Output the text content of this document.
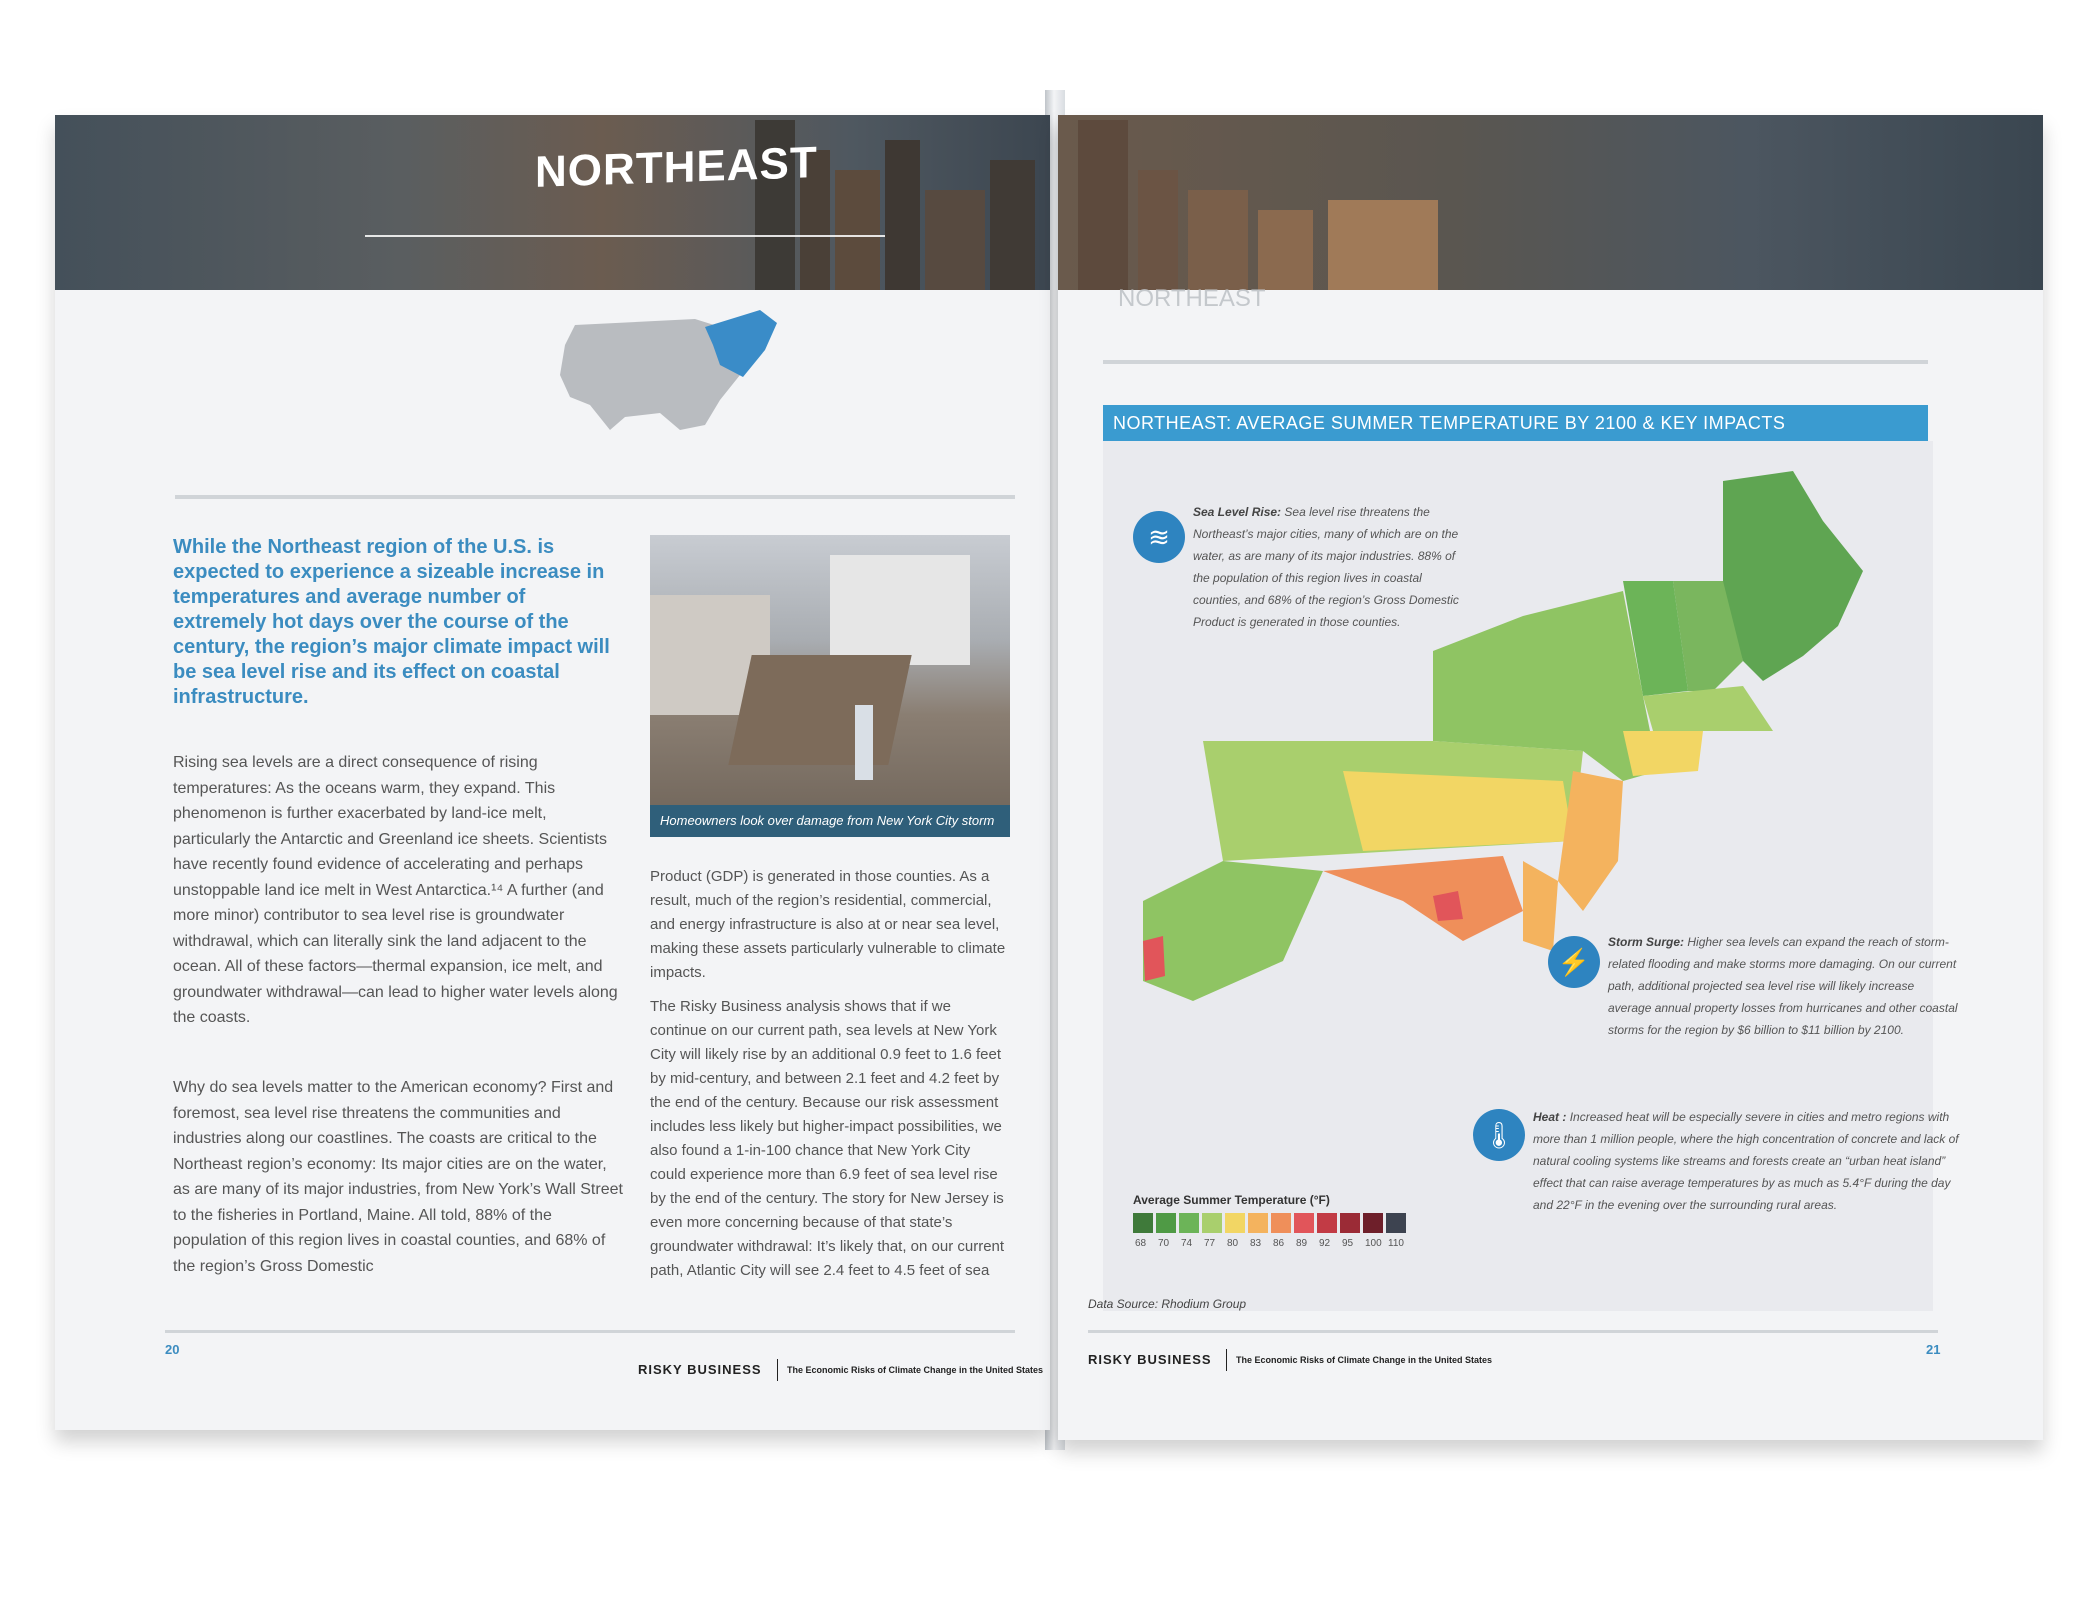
NORTHEAST
While the Northeast region of the U.S. is expected to experience a sizeable increase in temperatures and average number of extremely hot days over the course of the century, the region’s major climate impact will be sea level rise and its effect on coastal infrastructure.
Rising sea levels are a direct consequence of rising temperatures: As the oceans warm, they expand. This phenomenon is further exacerbated by land-ice melt, particularly the Antarctic and Greenland ice sheets. Scientists have recently found evidence of accelerating and perhaps unstoppable land ice melt in West Antarctica.¹⁴ A further (and more minor) contributor to sea level rise is groundwater withdrawal, which can literally sink the land adjacent to the ocean. All of these factors—thermal expansion, ice melt, and groundwater withdrawal—can lead to higher water levels along the coasts.
Why do sea levels matter to the American economy? First and foremost, sea level rise threatens the communities and industries along our coastlines. The coasts are critical to the Northeast region’s economy: Its major cities are on the water, as are many of its major industries, from New York’s Wall Street to the fisheries in Portland, Maine. All told, 88% of the population of this region lives in coastal counties, and 68% of the region’s Gross Domestic
Homeowners look over damage from New York City storm
Product (GDP) is generated in those counties. As a result, much of the region’s residential, commercial, and energy infrastructure is also at or near sea level, making these assets particularly vulnerable to climate impacts.
The Risky Business analysis shows that if we continue on our current path, sea levels at New York City will likely rise by an additional 0.9 feet to 1.6 feet by mid-century, and between 2.1 feet and 4.2 feet by the end of the century. Because our risk assessment includes less likely but higher-impact possibilities, we also found a 1-in-100 chance that New York City could experience more than 6.9 feet of sea level rise by the end of the century. The story for New Jersey is even more concerning because of that state’s groundwater withdrawal: It’s likely that, on our current path, Atlantic City will see 2.4 feet to 4.5 feet of sea
20
RISKY BUSINESS	The Economic Risks of Climate Change in the United States
NORTHEAST
NORTHEAST: AVERAGE SUMMER TEMPERATURE BY 2100 & KEY IMPACTS
≋
Sea Level Rise: Sea level rise threatens the Northeast’s major cities, many of which are on the water, as are many of its major industries. 88% of the population of this region lives in coastal counties, and 68% of the region’s Gross Domestic Product is generated in those counties.
⚡
Storm Surge: Higher sea levels can expand the reach of storm-related flooding and make storms more damaging. On our current path, additional projected sea level rise will likely increase average annual property losses from hurricanes and other coastal storms for the region by $6 billion to $11 billion by 2100.
🌡
Heat : Increased heat will be especially severe in cities and metro regions with more than 1 million people, where the high concentration of concrete and lack of natural cooling systems like streams and forests create an “urban heat island” effect that can raise average temperatures by as much as 5.4°F during the day and 22°F in the evening over the surrounding rural areas.
Average Summer Temperature (°F)
68 70 74 77 80 83 86 89 92 95 100 110
Data Source: Rhodium Group
21
RISKY BUSINESS	The Economic Risks of Climate Change in the United States
